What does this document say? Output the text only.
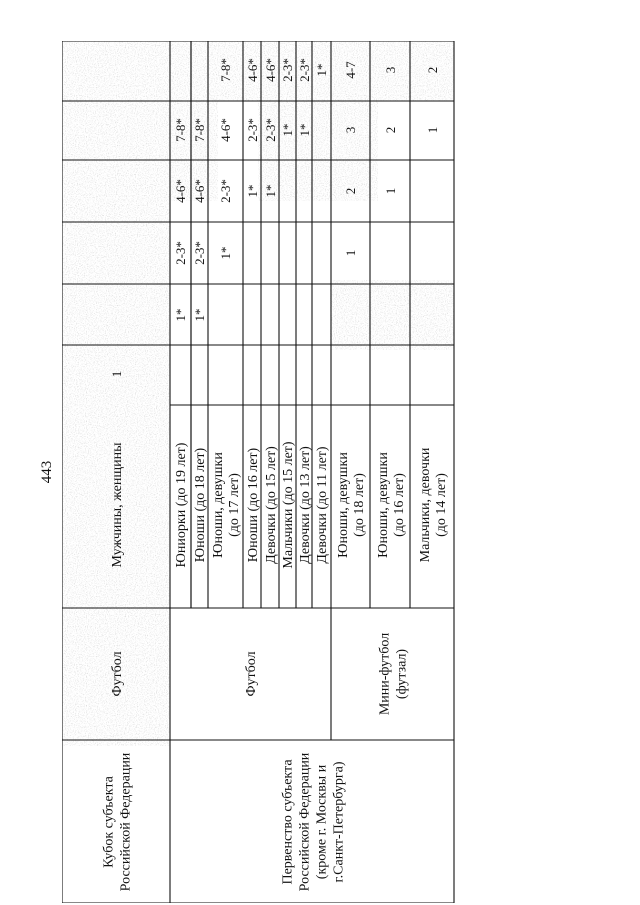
443
Кубок субъекта Российской Федерации
Футбол
Мужчины, женщины
1
Первенство субъекта Российской Федерации (кроме г. Москвы и г.Санкт-Петербурга)
Футбол	Мини-футбол (футзал)
Юниорки (до 19 лет)
1*
2-3*
4-6*
7-8*
Юноши (до 18 лет)
1*
2-3*
4-6*
7-8*
Юноши, девушки (до 17 лет)
1*
2-3*
4-6*
7-8*
Юноши (до 16 лет)
1*
2-3*
4-6*
Девочки (до 15 лет)
1*
2-3*
4-6*
Мальчики (до 15 лет)
1*
2-3*
Девочки (до 13 лет)
1*
2-3*
Девочки (до 11 лет)
1*
Юноши, девушки (до 18 лет)
1
2
3
4-7
Юноши, девушки (до 16 лет)
1
2
3
Мальчики, девочки (до 14 лет)
1
2
